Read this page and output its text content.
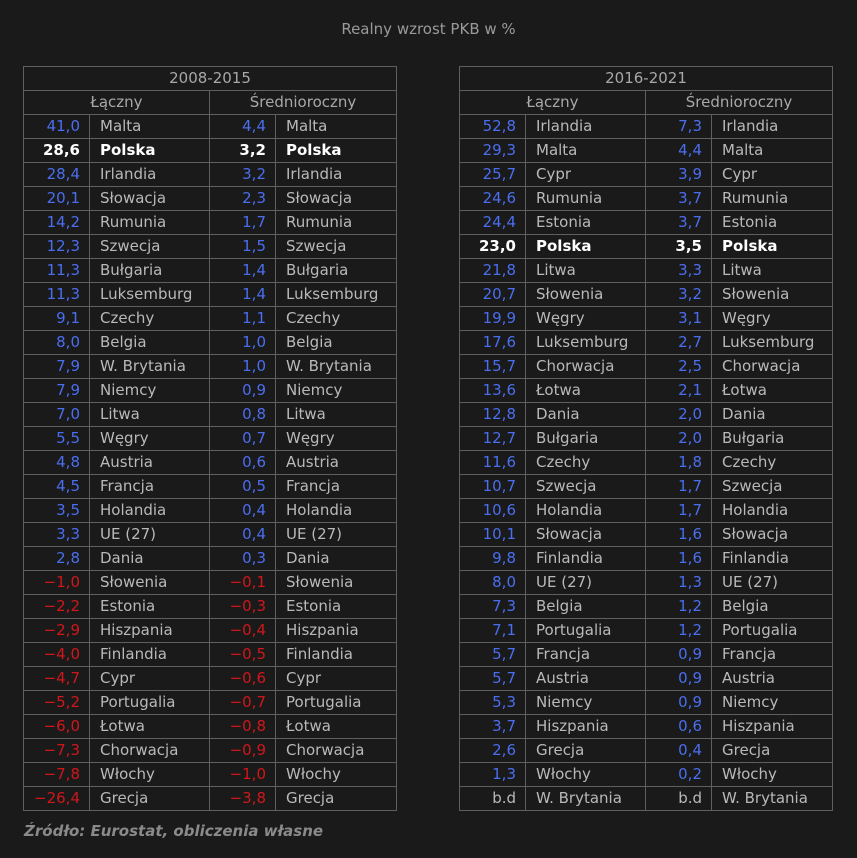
Realny wzrost PKB w %
2008-2015			
Łączny		Średnioroczny	
41,0	Malta	4,4	Malta
28,6	Polska	3,2	Polska
28,4	Irlandia	3,2	Irlandia
20,1	Słowacja	2,3	Słowacja
14,2	Rumunia	1,7	Rumunia
12,3	Szwecja	1,5	Szwecja
11,3	Bułgaria	1,4	Bułgaria
11,3	Luksemburg	1,4	Luksemburg
9,1	Czechy	1,1	Czechy
8,0	Belgia	1,0	Belgia
7,9	W. Brytania	1,0	W. Brytania
7,9	Niemcy	0,9	Niemcy
7,0	Litwa	0,8	Litwa
5,5	Węgry	0,7	Węgry
4,8	Austria	0,6	Austria
4,5	Francja	0,5	Francja
3,5	Holandia	0,4	Holandia
3,3	UE (27)	0,4	UE (27)
2,8	Dania	0,3	Dania
−1,0	Słowenia	−0,1	Słowenia
−2,2	Estonia	−0,3	Estonia
−2,9	Hiszpania	−0,4	Hiszpania
−4,0	Finlandia	−0,5	Finlandia
−4,7	Cypr	−0,6	Cypr
−5,2	Portugalia	−0,7	Portugalia
−6,0	Łotwa	−0,8	Łotwa
−7,3	Chorwacja	−0,9	Chorwacja
−7,8	Włochy	−1,0	Włochy
−26,4	Grecja	−3,8	Grecja
2016-2021			
Łączny		Średnioroczny	
52,8	Irlandia	7,3	Irlandia
29,3	Malta	4,4	Malta
25,7	Cypr	3,9	Cypr
24,6	Rumunia	3,7	Rumunia
24,4	Estonia	3,7	Estonia
23,0	Polska	3,5	Polska
21,8	Litwa	3,3	Litwa
20,7	Słowenia	3,2	Słowenia
19,9	Węgry	3,1	Węgry
17,6	Luksemburg	2,7	Luksemburg
15,7	Chorwacja	2,5	Chorwacja
13,6	Łotwa	2,1	Łotwa
12,8	Dania	2,0	Dania
12,7	Bułgaria	2,0	Bułgaria
11,6	Czechy	1,8	Czechy
10,7	Szwecja	1,7	Szwecja
10,6	Holandia	1,7	Holandia
10,1	Słowacja	1,6	Słowacja
9,8	Finlandia	1,6	Finlandia
8,0	UE (27)	1,3	UE (27)
7,3	Belgia	1,2	Belgia
7,1	Portugalia	1,2	Portugalia
5,7	Francja	0,9	Francja
5,7	Austria	0,9	Austria
5,3	Niemcy	0,9	Niemcy
3,7	Hiszpania	0,6	Hiszpania
2,6	Grecja	0,4	Grecja
1,3	Włochy	0,2	Włochy
b.d	W. Brytania	b.d	W. Brytania
Źródło: Eurostat, obliczenia własne
